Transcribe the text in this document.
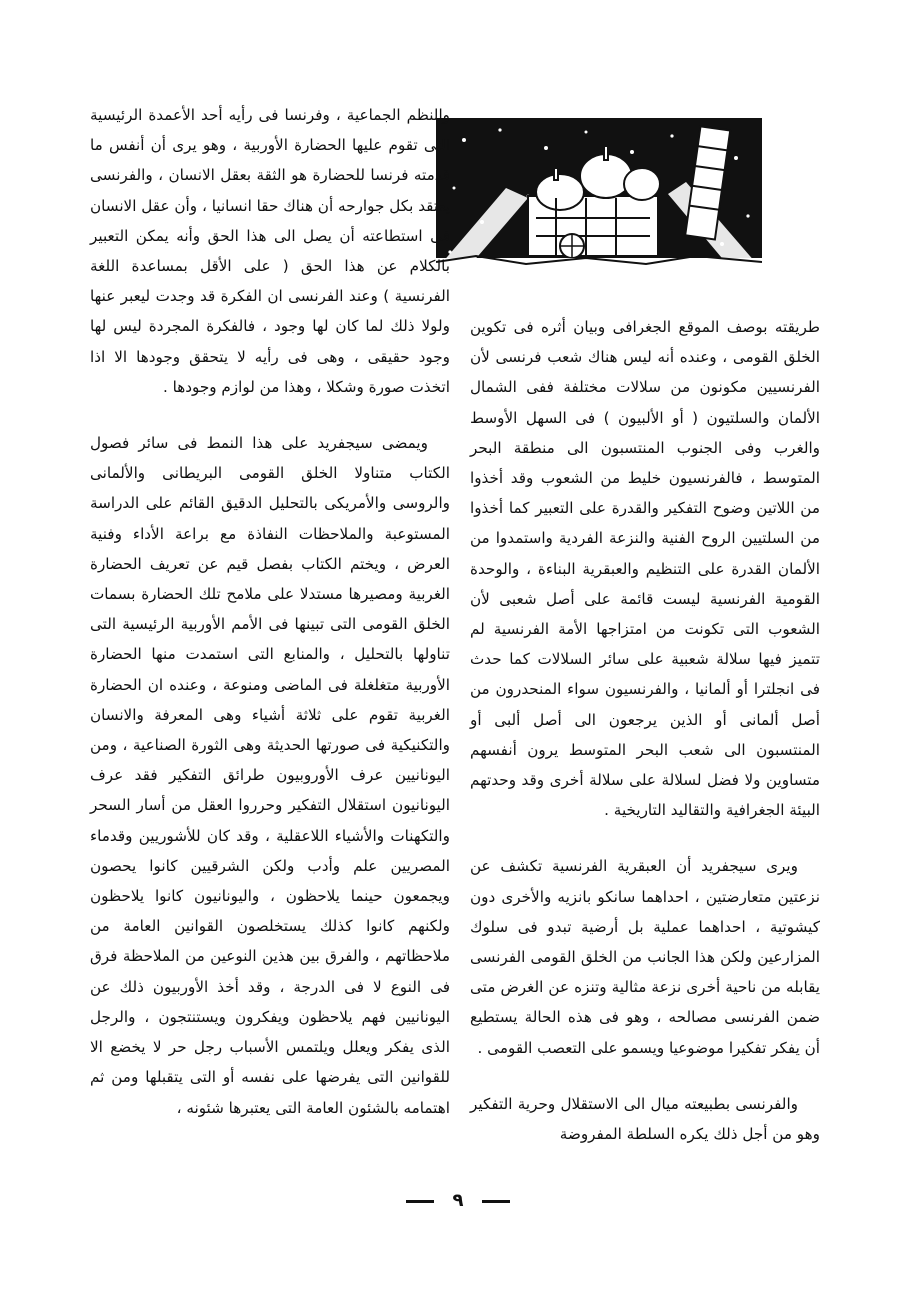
طريقته بوصف الموقع الجغرافى وبيان أثره فى تكوين الخلق القومى ، وعنده أنه ليس هناك شعب فرنسى لأن الفرنسيين مكونون من سلالات مختلفة ففى الشمال الألمان والسلتيون ( أو الألبيون ) فى السهل الأوسط والغرب وفى الجنوب المنتسبون الى منطقة البحر المتوسط ، فالفرنسيون خليط من الشعوب وقد أخذوا من اللاتين وضوح التفكير والقدرة على التعبير كما أخذوا من السلتيين الروح الفنية والنزعة الفردية واستمدوا من الألمان القدرة على التنظيم والعبقرية البناءة ، والوحدة القومية الفرنسية ليست قائمة على أصل شعبى لأن الشعوب التى تكونت من امتزاجها الأمة الفرنسية لم تتميز فيها سلالة شعبية على سائر السلالات كما حدث فى انجلترا أو ألمانيا ، والفرنسيون سواء المنحدرون من أصل ألمانى أو الذين يرجعون الى أصل ألبى أو المنتسبون الى شعب البحر المتوسط يرون أنفسهم متساوين ولا فضل لسلالة على سلالة أخرى وقد وحدتهم البيئة الجغرافية والتقاليد التاريخية .

ويرى سيجفريد أن العبقرية الفرنسية تكشف عن نزعتين متعارضتين ، احداهما سانكو بانزيه والأخرى دون كيشوتية ، احداهما عملية بل أرضية تبدو فى سلوك المزارعين ولكن هذا الجانب من الخلق القومى الفرنسى يقابله من ناحية أخرى نزعة مثالية وتنزه عن الغرض متى ضمن الفرنسى مصالحه ، وهو فى هذه الحالة يستطيع أن يفكر تفكيرا موضوعيا ويسمو على التعصب القومى .

والفرنسى بطبيعته ميال الى الاستقلال وحرية التفكير وهو من أجل ذلك يكره السلطة المفروضة

والنظم الجماعية ، وفرنسا فى رأيه أحد الأعمدة الرئيسية التى تقوم عليها الحضارة الأوربية ، وهو يرى أن أنفس ما قدمته فرنسا للحضارة هو الثقة بعقل الانسان ، والفرنسى يعتقد بكل جوارحه أن هناك حقا انسانيا ، وأن عقل الانسان فى استطاعته أن يصل الى هذا الحق وأنه يمكن التعبير بالكلام عن هذا الحق ( على الأقل بمساعدة اللغة الفرنسية ) وعند الفرنسى ان الفكرة قد وجدت ليعبر عنها ولولا ذلك لما كان لها وجود ، فالفكرة المجردة ليس لها وجود حقيقى ، وهى فى رأيه لا يتحقق وجودها الا اذا اتخذت صورة وشكلا ، وهذا من لوازم وجودها .

ويمضى سيجفريد على هذا النمط فى سائر فصول الكتاب متناولا الخلق القومى البريطانى والألمانى والروسى والأمريكى بالتحليل الدقيق القائم على الدراسة المستوعبة والملاحظات النفاذة مع براعة الأداء وفنية العرض ، ويختم الكتاب بفصل قيم عن تعريف الحضارة الغربية ومصيرها مستدلا على ملامح تلك الحضارة بسمات الخلق القومى التى تبينها فى الأمم الأوربية الرئيسية التى تناولها بالتحليل ، والمنابع التى استمدت منها الحضارة الأوربية متغلغلة فى الماضى ومنوعة ، وعنده ان الحضارة الغربية تقوم على ثلاثة أشياء وهى المعرفة والانسان والتكنيكية فى صورتها الحديثة وهى الثورة الصناعية ، ومن اليونانيين عرف الأوروبيون طرائق التفكير فقد عرف اليونانيون استقلال التفكير وحرروا العقل من أسار السحر والتكهنات والأشياء اللاعقلية ، وقد كان للأشوريين وقدماء المصريين علم وأدب ولكن الشرقيين كانوا يحصون ويجمعون حينما يلاحظون ، واليونانيون كانوا يلاحظون ولكنهم كانوا كذلك يستخلصون القوانين العامة من ملاحظاتهم ، والفرق بين هذين النوعين من الملاحظة فرق فى النوع لا فى الدرجة ، وقد أخذ الأوربيون ذلك عن اليونانيين فهم يلاحظون ويفكرون ويستنتجون ، والرجل الذى يفكر ويعلل ويلتمس الأسباب رجل حر لا يخضع الا للقوانين التى يفرضها على نفسه أو التى يتقبلها ومن ثم اهتمامه بالشئون العامة التى يعتبرها شئونه ،

٩
